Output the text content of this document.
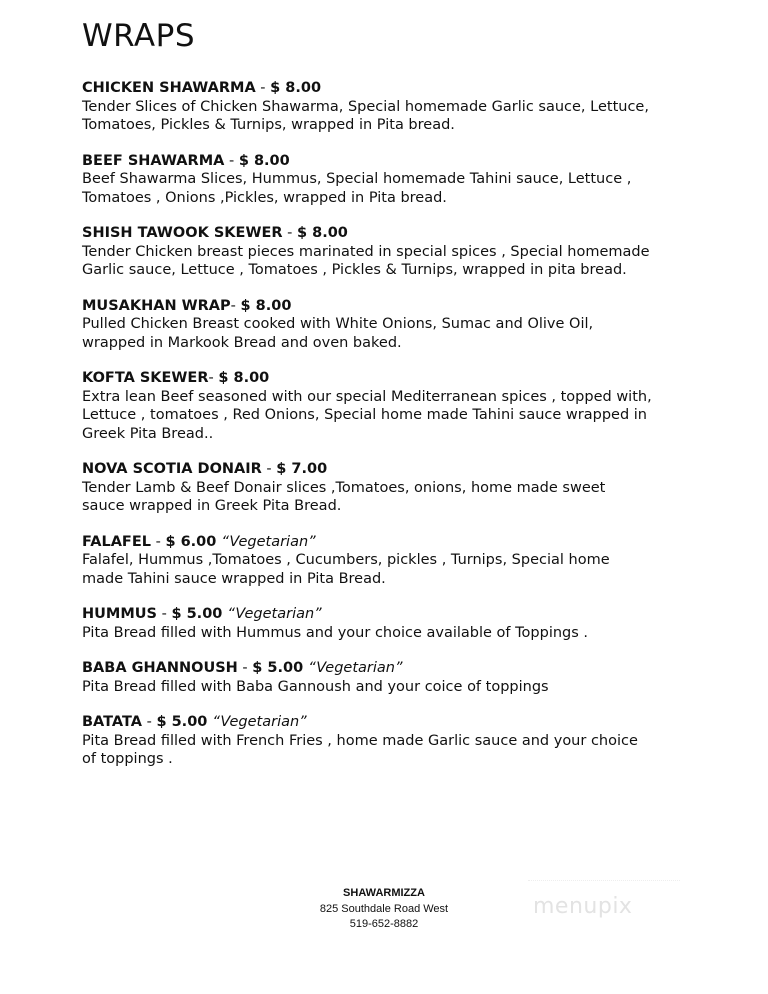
WRAPS
CHICKEN SHAWARMA - $ 8.00
Tender Slices of Chicken Shawarma, Special homemade Garlic sauce, Lettuce,
Tomatoes, Pickles & Turnips, wrapped in Pita bread.
BEEF SHAWARMA - $ 8.00
Beef Shawarma Slices, Hummus, Special homemade Tahini sauce, Lettuce ,
Tomatoes , Onions ,Pickles, wrapped in Pita bread.
SHISH TAWOOK SKEWER - $ 8.00
Tender Chicken breast pieces marinated in special spices , Special homemade
Garlic sauce, Lettuce , Tomatoes , Pickles & Turnips, wrapped in pita bread.
MUSAKHAN WRAP- $ 8.00
Pulled Chicken Breast cooked with White Onions, Sumac and Olive Oil,
wrapped in Markook Bread and oven baked.
KOFTA SKEWER- $ 8.00
Extra lean Beef seasoned with our special Mediterranean spices , topped with,
Lettuce , tomatoes , Red Onions, Special home made Tahini sauce wrapped in
Greek Pita Bread..
NOVA SCOTIA DONAIR - $ 7.00
Tender Lamb & Beef Donair slices ,Tomatoes, onions, home made sweet
sauce wrapped in Greek Pita Bread.
FALAFEL - $ 6.00 “Vegetarian”
Falafel, Hummus ,Tomatoes , Cucumbers, pickles , Turnips, Special home
made Tahini sauce wrapped in Pita Bread.
HUMMUS - $ 5.00 “Vegetarian”
Pita Bread filled with Hummus and your choice available of Toppings .
BABA GHANNOUSH - $ 5.00 “Vegetarian”
Pita Bread filled with Baba Gannoush and your coice of toppings
BATATA - $ 5.00 “Vegetarian”
Pita Bread filled with French Fries , home made Garlic sauce and your choice
of toppings .
menupix
SHAWARMIZZA
825 Southdale Road West
519-652-8882
